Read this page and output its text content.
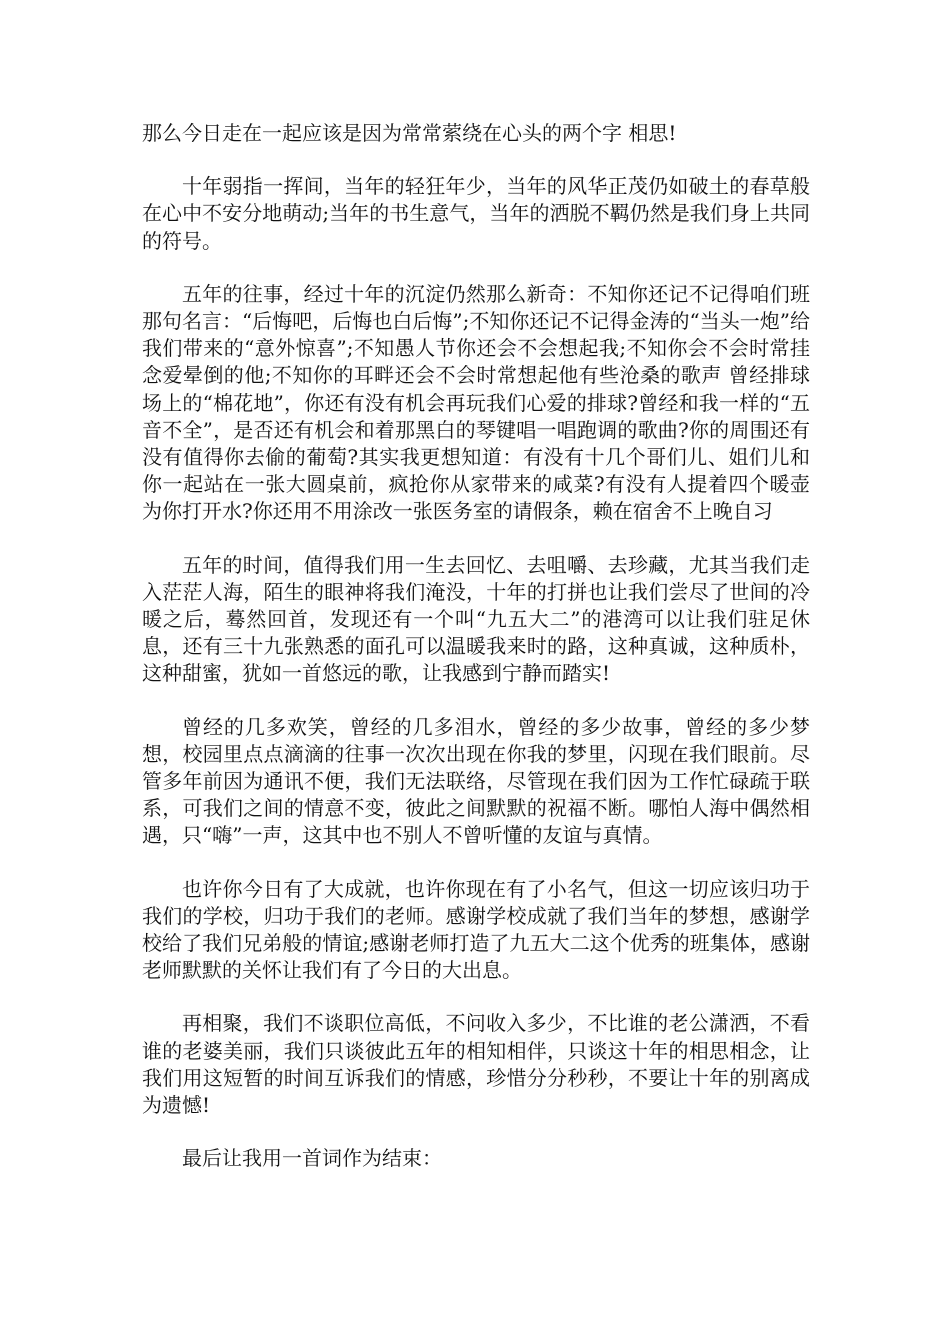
那么今日走在一起应该是因为常常萦绕在心头的两个字 相思!

十年弱指一挥间，当年的轻狂年少，当年的风华正茂仍如破土的春草般在心中不安分地萌动;当年的书生意气，当年的洒脱不羁仍然是我们身上共同的符号。

五年的往事，经过十年的沉淀仍然那么新奇：不知你还记不记得咱们班那句名言：“后悔吧，后悔也白后悔”;不知你还记不记得金涛的“当头一炮”给我们带来的“意外惊喜”;不知愚人节你还会不会想起我;不知你会不会时常挂念爱晕倒的他;不知你的耳畔还会不会时常想起他有些沧桑的歌声 曾经排球场上的“棉花地”，你还有没有机会再玩我们心爱的排球?曾经和我一样的“五音不全”，是否还有机会和着那黑白的琴键唱一唱跑调的歌曲?你的周围还有没有值得你去偷的葡萄?其实我更想知道：有没有十几个哥们儿、姐们儿和你一起站在一张大圆桌前，疯抢你从家带来的咸菜?有没有人提着四个暖壶为你打开水?你还用不用涂改一张医务室的请假条，赖在宿舍不上晚自习

五年的时间，值得我们用一生去回忆、去咀嚼、去珍藏，尤其当我们走入茫茫人海，陌生的眼神将我们淹没，十年的打拼也让我们尝尽了世间的冷暖之后，蓦然回首，发现还有一个叫“九五大二”的港湾可以让我们驻足休息，还有三十九张熟悉的面孔可以温暖我来时的路，这种真诚，这种质朴，这种甜蜜，犹如一首悠远的歌，让我感到宁静而踏实!

曾经的几多欢笑，曾经的几多泪水，曾经的多少故事，曾经的多少梦想，校园里点点滴滴的往事一次次出现在你我的梦里，闪现在我们眼前。尽管多年前因为通讯不便，我们无法联络，尽管现在我们因为工作忙碌疏于联系，可我们之间的情意不变，彼此之间默默的祝福不断。哪怕人海中偶然相遇，只“嗨”一声，这其中也不别人不曾听懂的友谊与真情。

也许你今日有了大成就，也许你现在有了小名气，但这一切应该归功于我们的学校，归功于我们的老师。感谢学校成就了我们当年的梦想，感谢学校给了我们兄弟般的情谊;感谢老师打造了九五大二这个优秀的班集体，感谢老师默默的关怀让我们有了今日的大出息。

再相聚，我们不谈职位高低，不问收入多少，不比谁的老公潇洒，不看谁的老婆美丽，我们只谈彼此五年的相知相伴，只谈这十年的相思相念，让我们用这短暂的时间互诉我们的情感，珍惜分分秒秒，不要让十年的别离成为遗憾!

最后让我用一首词作为结束：
